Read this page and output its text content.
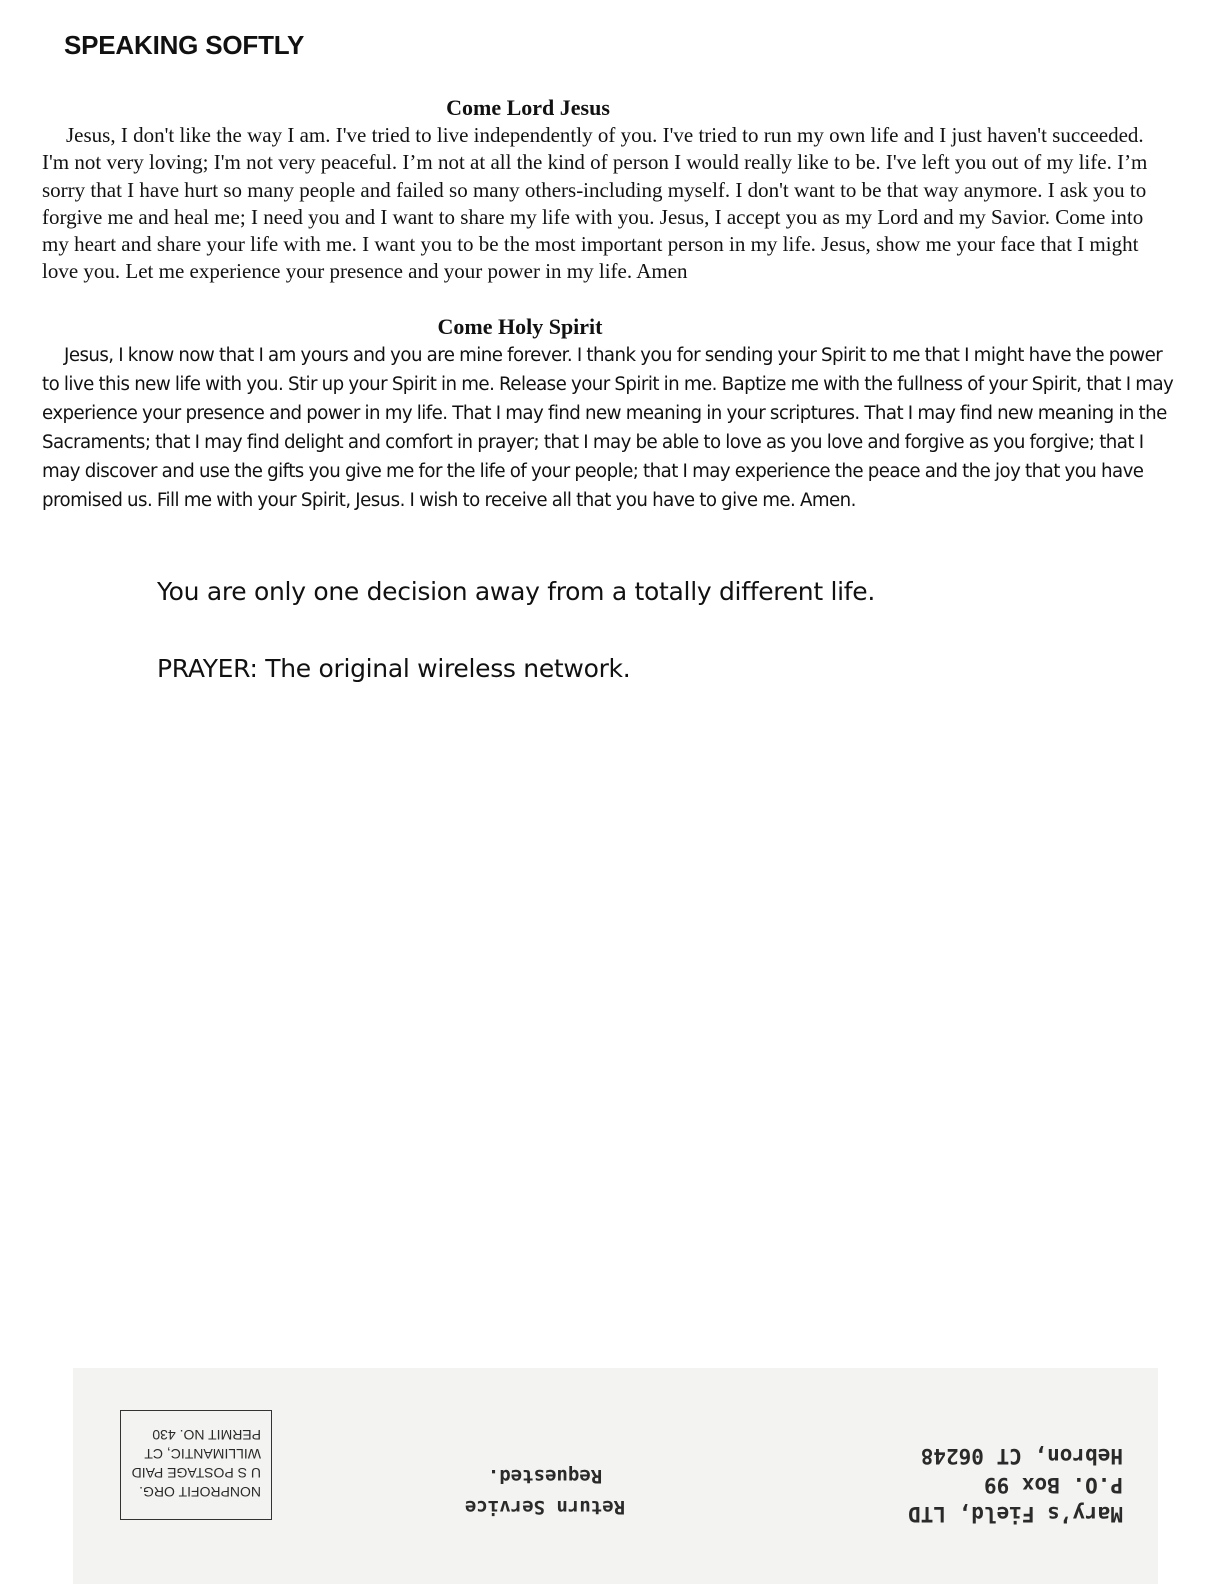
SPEAKING SOFTLY
Come Lord Jesus

Jesus, I don't like the way I am. I've tried to live independently of you. I've tried to run my own life and I just haven't succeeded. I'm not very loving; I'm not very peaceful. I’m not at all the kind of person I would really like to be. I've left you out of my life. I’m sorry that I have hurt so many people and failed so many others-including myself. I don't want to be that way anymore. I ask you to forgive me and heal me; I need you and I want to share my life with you. Jesus, I accept you as my Lord and my Savior. Come into my heart and share your life with me. I want you to be the most important person in my life. Jesus, show me your face that I might love you. Let me experience your presence and your power in my life. Amen

Come Holy Spirit

Jesus, I know now that I am yours and you are mine forever. I thank you for sending your Spirit to me that I might have the power to live this new life with you. Stir up your Spirit in me. Release your Spirit in me. Baptize me with the fullness of your Spirit, that I may experience your presence and power in my life. That I may find new meaning in your scriptures. That I may find new meaning in the Sacraments; that I may find delight and comfort in prayer; that I may be able to love as you love and forgive as you forgive; that I may discover and use the gifts you give me for the life of your people; that I may experience the peace and the joy that you have promised us. Fill me with your Spirit, Jesus. I wish to receive all that you have to give me. Amen.

You are only one decision away from a totally different life.
PRAYER: The original wireless network.
NONPROFIT ORG.
U S POSTAGE PAID
WILLIMANTIC, CT
PERMIT NO. 430
Return Service
Requested.
Mary’s Field, LTD
P.O. Box 99
Hebron, CT 06248
